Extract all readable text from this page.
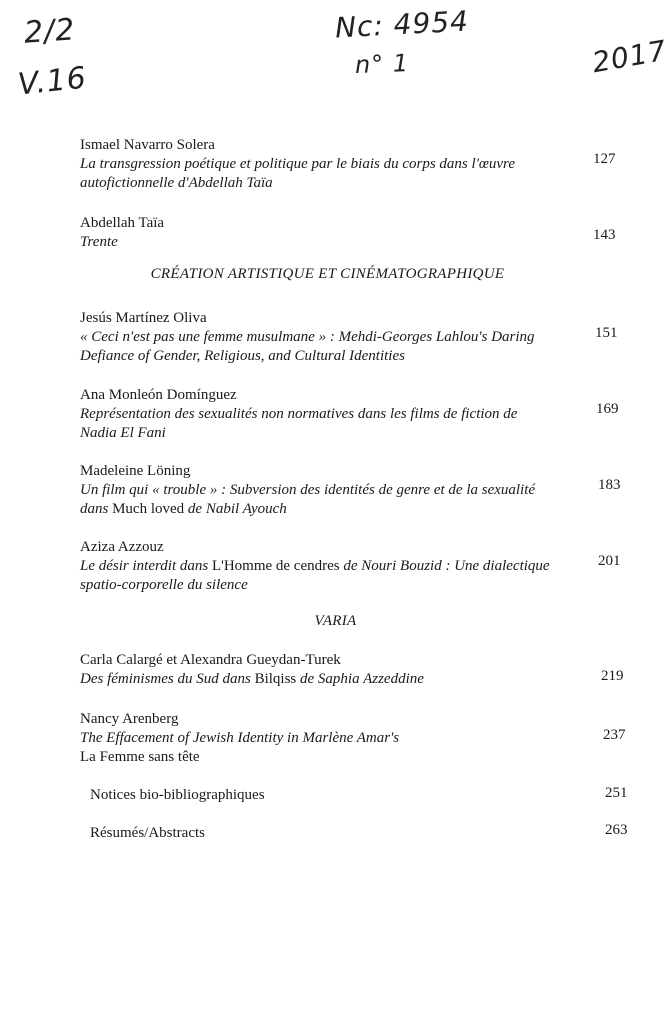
2/2
V.16
Nc: 4954
n° 1	2017
Ismael Navarro Solera
La transgression poétique et politique par le biais du corps dans l'œuvre autofictionnelle d'Abdellah Taïa
127
Abdellah Taïa
Trente	143
CRÉATION ARTISTIQUE ET CINÉMATOGRAPHIQUE
Jesús Martínez Oliva
« Ceci n'est pas une femme musulmane » : Mehdi-Georges Lahlou's Daring Defiance of Gender, Religious, and Cultural Identities
151
Ana Monleón Domínguez
Représentation des sexualités non normatives dans les films de fiction de Nadia El Fani
169
Madeleine Löning
Un film qui « trouble » : Subversion des identités de genre et de la sexualité dans Much loved de Nabil Ayouch
183
Aziza Azzouz
Le désir interdit dans L'Homme de cendres de Nouri Bouzid : Une dialectique spatio-corporelle du silence
201
VARIA
Carla Calargé et Alexandra Gueydan-Turek
Des féminismes du Sud dans Bilqiss de Saphia Azzeddine	219
Nancy Arenberg
The Effacement of Jewish Identity in Marlène Amar's
La Femme sans tête
237
Notices bio-bibliographiques	251
Résumés/Abstracts	263
